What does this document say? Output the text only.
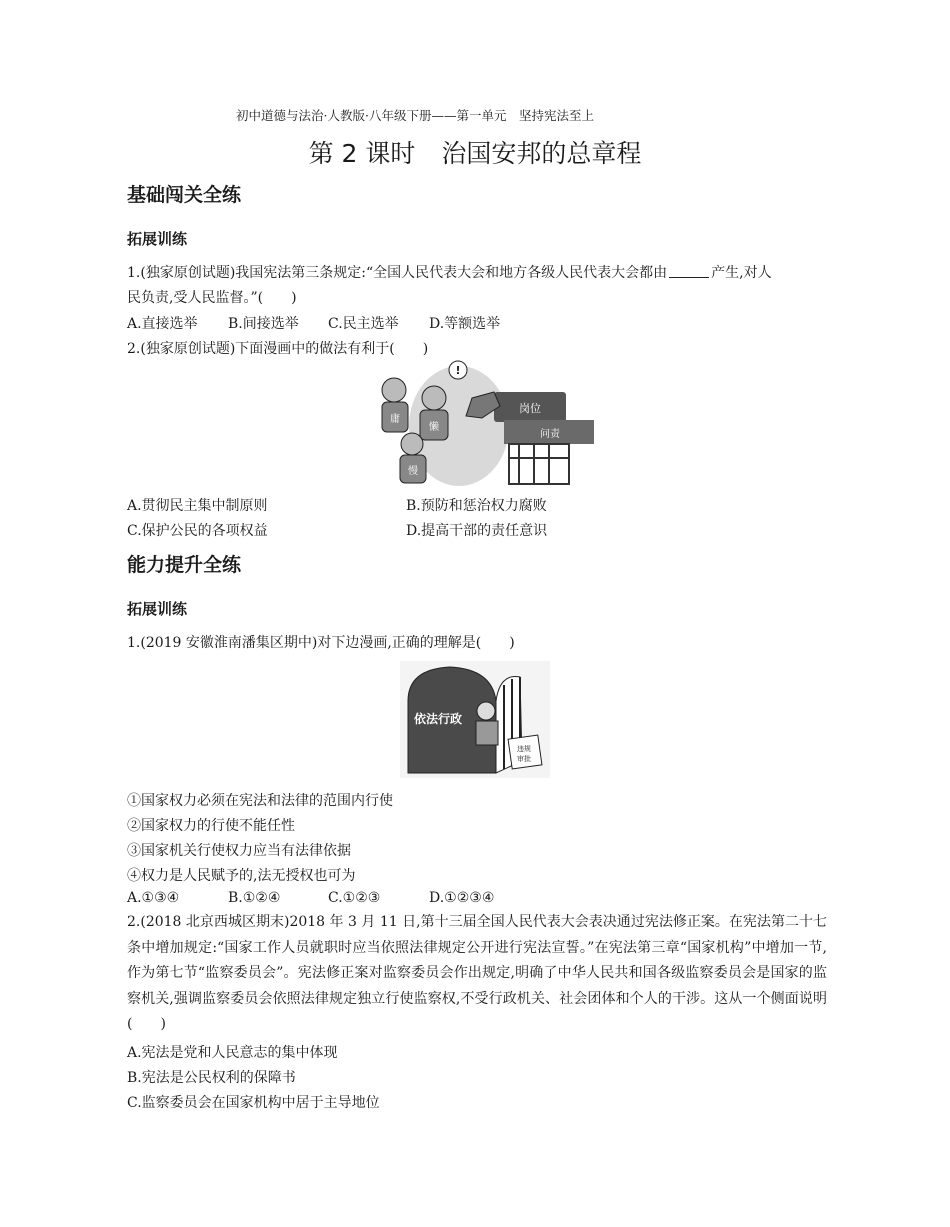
初中道德与法治·人教版·八年级下册——第一单元　坚持宪法至上
第 2 课时 治国安邦的总章程
基础闯关全练
拓展训练
1.(独家原创试题)我国宪法第三条规定:“全国人民代表大会和地方各级人民代表大会都由	产生,对人
民负责,受人民监督。”(　　)
A.直接选举 B.间接选举 C.民主选举 D.等额选举
2.(独家原创试题)下面漫画中的做法有利于(　　)
岗位
问责
庸
懒
慢
!
A.贯彻民主集中制原则	B.预防和惩治权力腐败
C.保护公民的各项权益	D.提高干部的责任意识
能力提升全练
拓展训练
1.(2019 安徽淮南潘集区期中)对下边漫画,正确的理解是(　　)
依法行政
违规
审批
①国家权力必须在宪法和法律的范围内行使
②国家权力的行使不能任性
③国家机关行使权力应当有法律依据
④权力是人民赋予的,法无授权也可为
A.①③④	B.①②④	C.①②③	D.①②③④
2.(2018 北京西城区期末)2018 年 3 月 11 日,第十三届全国人民代表大会表决通过宪法修正案。在宪法第二十七条中增加规定:“国家工作人员就职时应当依照法律规定公开进行宪法宣誓。”在宪法第三章“国家机构”中增加一节,作为第七节“监察委员会”。宪法修正案对监察委员会作出规定,明确了中华人民共和国各级监察委员会是国家的监察机关,强调监察委员会依照法律规定独立行使监察权,不受行政机关、社会团体和个人的干涉。这从一个侧面说明(　　)
A.宪法是党和人民意志的集中体现
B.宪法是公民权利的保障书
C.监察委员会在国家机构中居于主导地位
